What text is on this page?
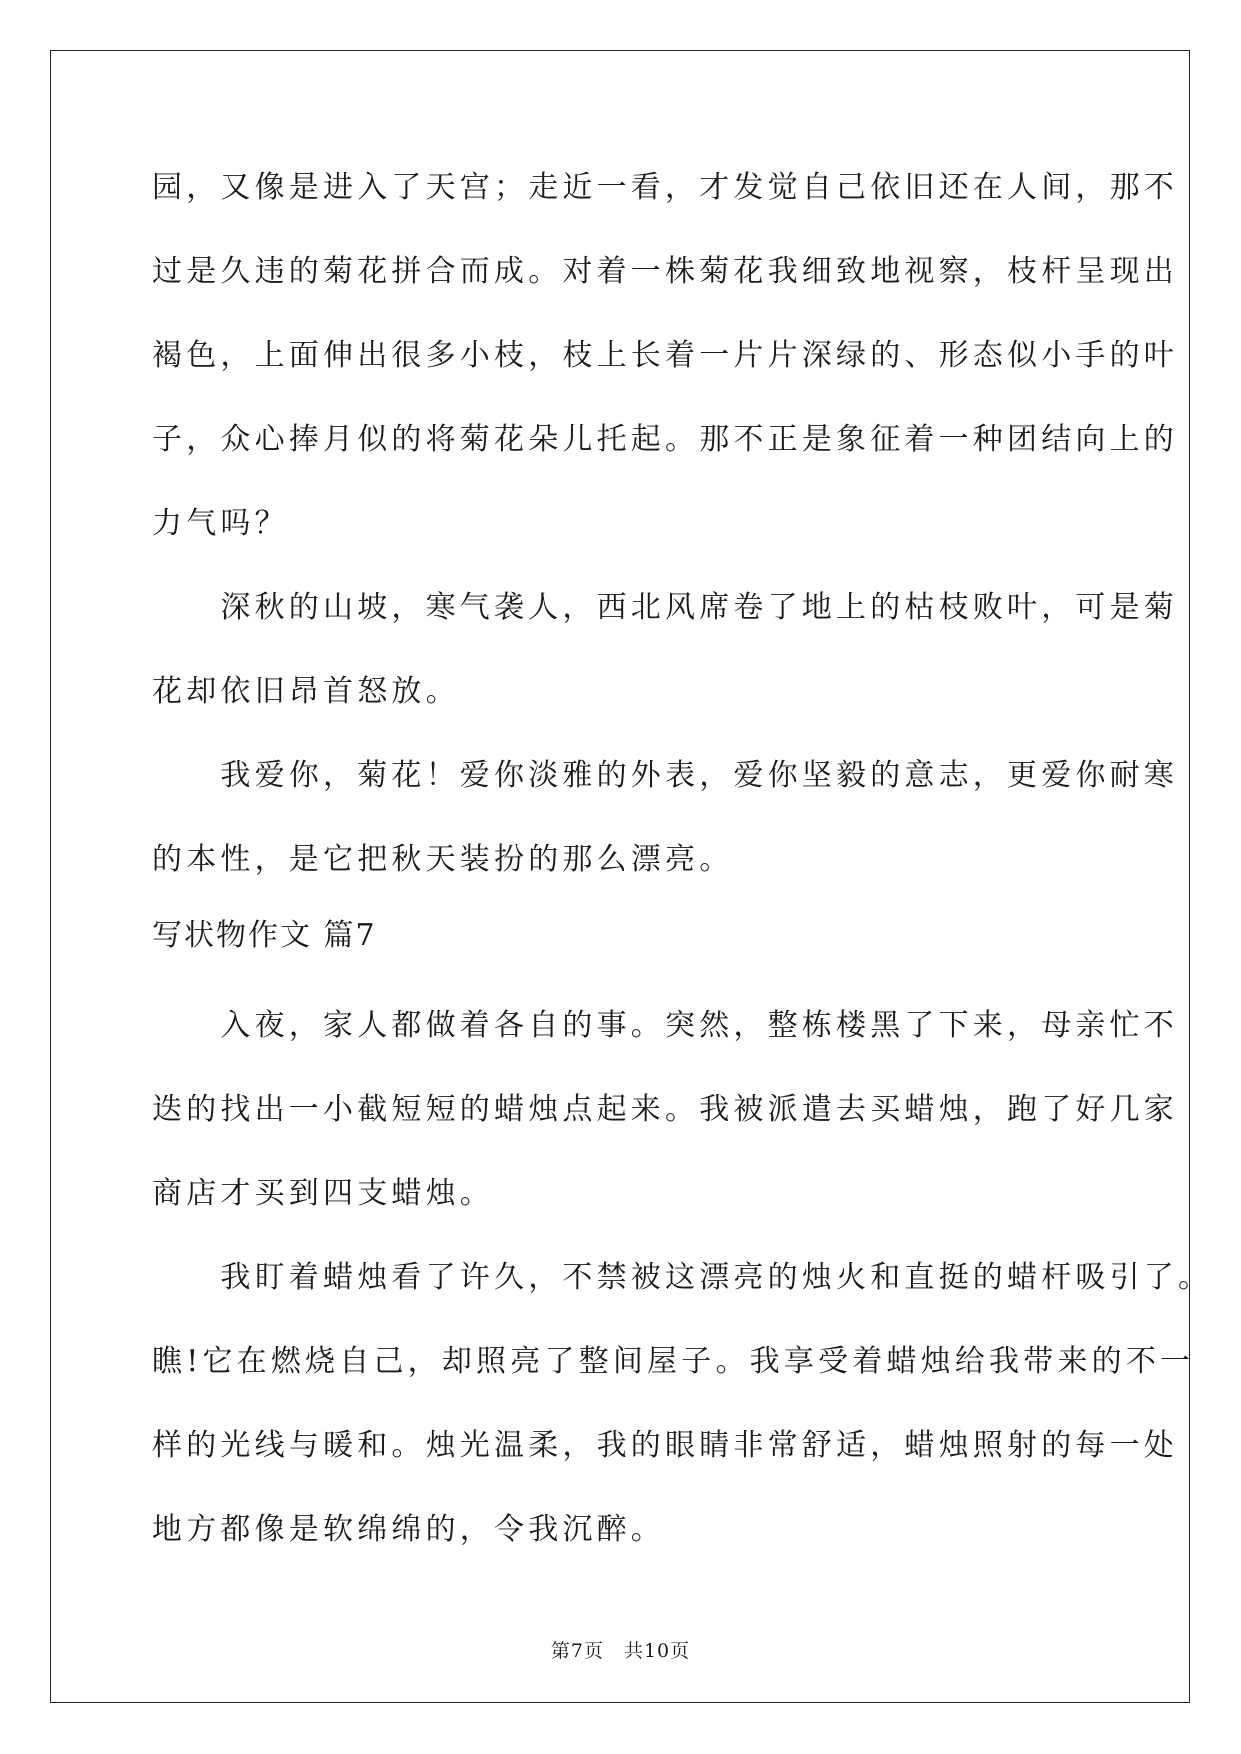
园，又像是进入了天宫；走近一看，才发觉自己依旧还在人间，那不
过是久违的菊花拼合而成。对着一株菊花我细致地视察，枝杆呈现出
褐色，上面伸出很多小枝，枝上长着一片片深绿的、形态似小手的叶
子，众心捧月似的将菊花朵儿托起。那不正是象征着一种团结向上的
力气吗？
　　深秋的山坡，寒气袭人，西北风席卷了地上的枯枝败叶，可是菊
花却依旧昂首怒放。
　　我爱你，菊花！爱你淡雅的外表，爱你坚毅的意志，更爱你耐寒
的本性，是它把秋天装扮的那么漂亮。
写状物作文 篇7
　　入夜，家人都做着各自的事。突然，整栋楼黑了下来，母亲忙不
迭的找出一小截短短的蜡烛点起来。我被派遣去买蜡烛，跑了好几家
商店才买到四支蜡烛。
　　我盯着蜡烛看了许久，不禁被这漂亮的烛火和直挺的蜡杆吸引了。
瞧!它在燃烧自己，却照亮了整间屋子。我享受着蜡烛给我带来的不一
样的光线与暖和。烛光温柔，我的眼睛非常舒适，蜡烛照射的每一处
地方都像是软绵绵的，令我沉醉。
第7页　共10页
